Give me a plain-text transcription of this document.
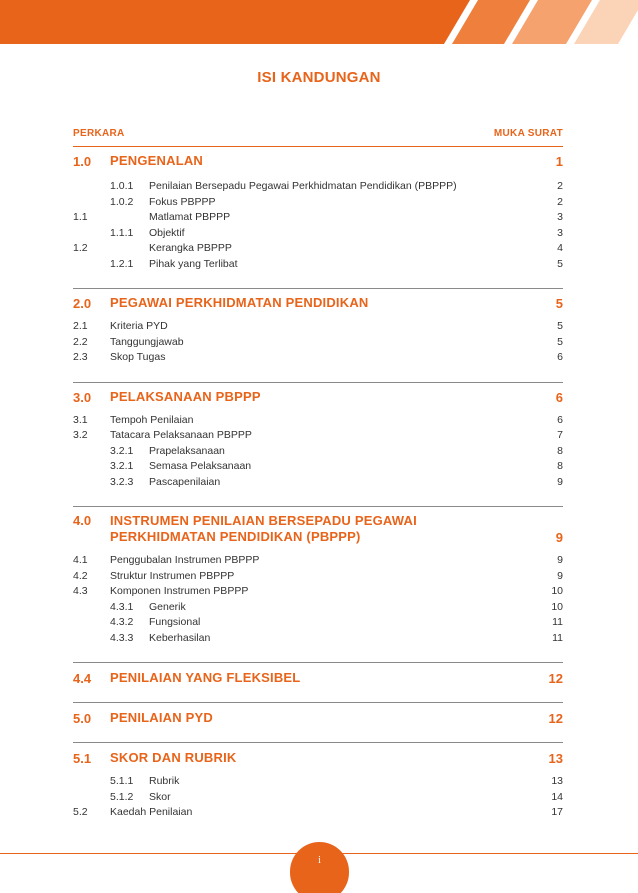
ISI KANDUNGAN
PERKARA	MUKA SURAT
1.0	PENGENALAN	1
1.0.1	Penilaian Bersepadu Pegawai Perkhidmatan Pendidikan (PBPPP)	2
1.0.2	Fokus PBPPP	2
1.1	Matlamat PBPPP	3
1.1.1	Objektif	3
1.2	Kerangka PBPPP	4
1.2.1	Pihak yang Terlibat	5
2.0	PEGAWAI PERKHIDMATAN PENDIDIKAN	5
2.1	Kriteria PYD	5
2.2	Tanggungjawab	5
2.3	Skop Tugas	6
3.0	PELAKSANAAN PBPPP	6
3.1	Tempoh Penilaian	6
3.2	Tatacara Pelaksanaan PBPPP	7
3.2.1	Prapelaksanaan	8
3.2.1	Semasa Pelaksanaan	8
3.2.3	Pascapenilaian	9
4.0	INSTRUMEN PENILAIAN BERSEPADU PEGAWAI
PERKHIDMATAN PENDIDIKAN (PBPPP)	9
4.1	Penggubalan Instrumen PBPPP	9
4.2	Struktur Instrumen PBPPP	9
4.3	Komponen Instrumen PBPPP	10
4.3.1	Generik	10
4.3.2	Fungsional	11
4.3.3	Keberhasilan	11
4.4	PENILAIAN YANG FLEKSIBEL	12
5.0	PENILAIAN PYD	12
5.1	SKOR DAN RUBRIK	13
5.1.1	Rubrik	13
5.1.2	Skor	14
5.2	Kaedah Penilaian	17
i
